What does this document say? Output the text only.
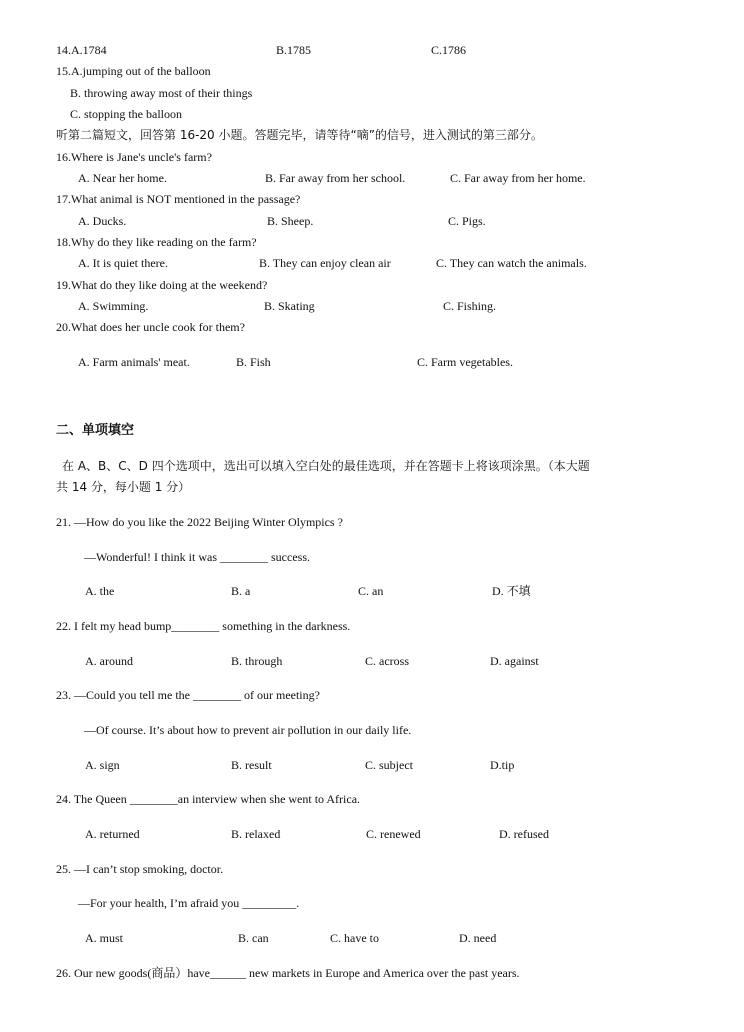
14.A.1784	B.1785	C.1786
15.A.jumping out of the balloon
B. throwing away most of their things
C. stopping the balloon
听第二篇短文，回答第 16-20 小题。答题完毕，请等待“嘀”的信号，进入测试的第三部分。
16.Where is Jane's uncle's farm?
A. Near her home.	B. Far away from her school.	C. Far away from her home.
17.What animal is NOT mentioned in the passage?
A. Ducks.	B. Sheep.	C. Pigs.
18.Why do they like reading on the farm?
A. It is quiet there.	B. They can enjoy clean air	C. They can watch the animals.
19.What do they like doing at the weekend?
A. Swimming.	B. Skating	C. Fishing.
20.What does her uncle cook for them?
A. Farm animals' meat.	B. Fish	C. Farm vegetables.
二、单项填空
在 A、B、C、D 四个选项中，选出可以填入空白处的最佳选项，并在答题卡上将该项涂黑。（本大题
共 14 分，每小题 1 分）
21. —How do you like the 2022 Beijing Winter Olympics ?
—Wonderful! I think it was ________ success.
A. the	B. a	C. an	D. 不填
22. I felt my head bump________ something in the darkness.
A. around	B. through	C. across	D. against
23. —Could you tell me the ________ of our meeting?
—Of course. It’s about how to prevent air pollution in our daily life.
A. sign	B. result	C. subject	D.tip
24. The Queen ________an interview when she went to Africa.
A. returned	B. relaxed	C. renewed	D. refused
25. —I can’t stop smoking, doctor.
—For your health, I’m afraid you _________.
A. must	B. can	C. have to	D. need
26. Our new goods(商品）have______ new markets in Europe and America over the past years.
